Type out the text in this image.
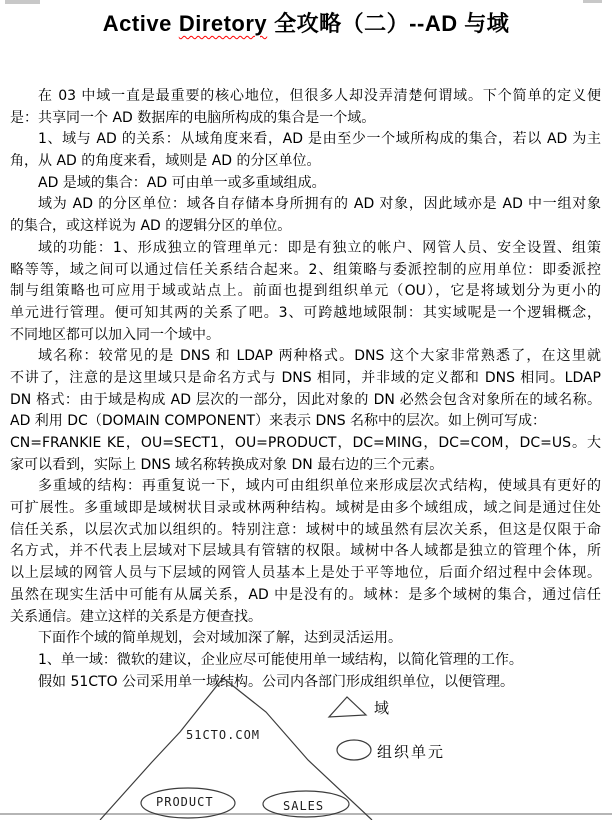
Active Diretory 全攻略（二）--AD 与域
在 03 中域一直是最重要的核心地位，但很多人却没弄清楚何谓域。下个简单的定义便
是：共享同一个 AD 数据库的电脑所构成的集合是一个域。
1、域与 AD 的关系：从域角度来看，AD 是由至少一个域所构成的集合，若以 AD 为主
角，从 AD 的角度来看，域则是 AD 的分区单位。
AD 是域的集合：AD 可由单一或多重域组成。
域为 AD 的分区单位：域各自存储本身所拥有的 AD 对象，因此域亦是 AD 中一组对象
的集合，或这样说为 AD 的逻辑分区的单位。
域的功能：1、形成独立的管理单元：即是有独立的帐户、网管人员、安全设置、组策
略等等，域之间可以通过信任关系结合起来。2、组策略与委派控制的应用单位：即委派控
制与组策略也可应用于域或站点上。前面也提到组织单元（OU），它是将域划分为更小的
单元进行管理。便可知其两的关系了吧。3、可跨越地域限制：其实域呢是一个逻辑概念，
不同地区都可以加入同一个域中。
域名称：较常见的是 DNS 和 LDAP 两种格式。DNS 这个大家非常熟悉了，在这里就
不讲了，注意的是这里域只是命名方式与 DNS 相同，并非域的定义都和 DNS 相同。LDAP
DN 格式：由于域是构成 AD 层次的一部分，因此对象的 DN 必然会包含对象所在的域名称。
AD 利用 DC（DOMAIN COMPONENT）来表示 DNS 名称中的层次。如上例可写成：
CN=FRANKIE KE，OU=SECT1，OU=PRODUCT，DC=MING，DC=COM，DC=US。大
家可以看到，实际上 DNS 域名称转换成对象 DN 最右边的三个元素。
多重域的结构：再重复说一下，域内可由组织单位来形成层次式结构，使域具有更好的
可扩展性。多重域即是域树状目录或林两种结构。域树是由多个域组成，域之间是通过住处
信任关系，以层次式加以组织的。特别注意：域树中的域虽然有层次关系，但这是仅限于命
名方式，并不代表上层域对下层域具有管辖的权限。域树中各人域都是独立的管理个体，所
以上层域的网管人员与下层域的网管人员基本上是处于平等地位，后面介绍过程中会体现。
虽然在现实生活中可能有从属关系，AD 中是没有的。域林：是多个域树的集合，通过信任
关系通信。建立这样的关系是方便查找。
下面作个域的简单规划，会对域加深了解，达到灵活运用。
1、单一域：微软的建议，企业应尽可能使用单一域结构，以简化管理的工作。
假如 51CTO 公司采用单一域结构。公司内各部门形成组织单位，以便管理。
51CTO.COM
域
组织单元
PRODUCT	SALES
